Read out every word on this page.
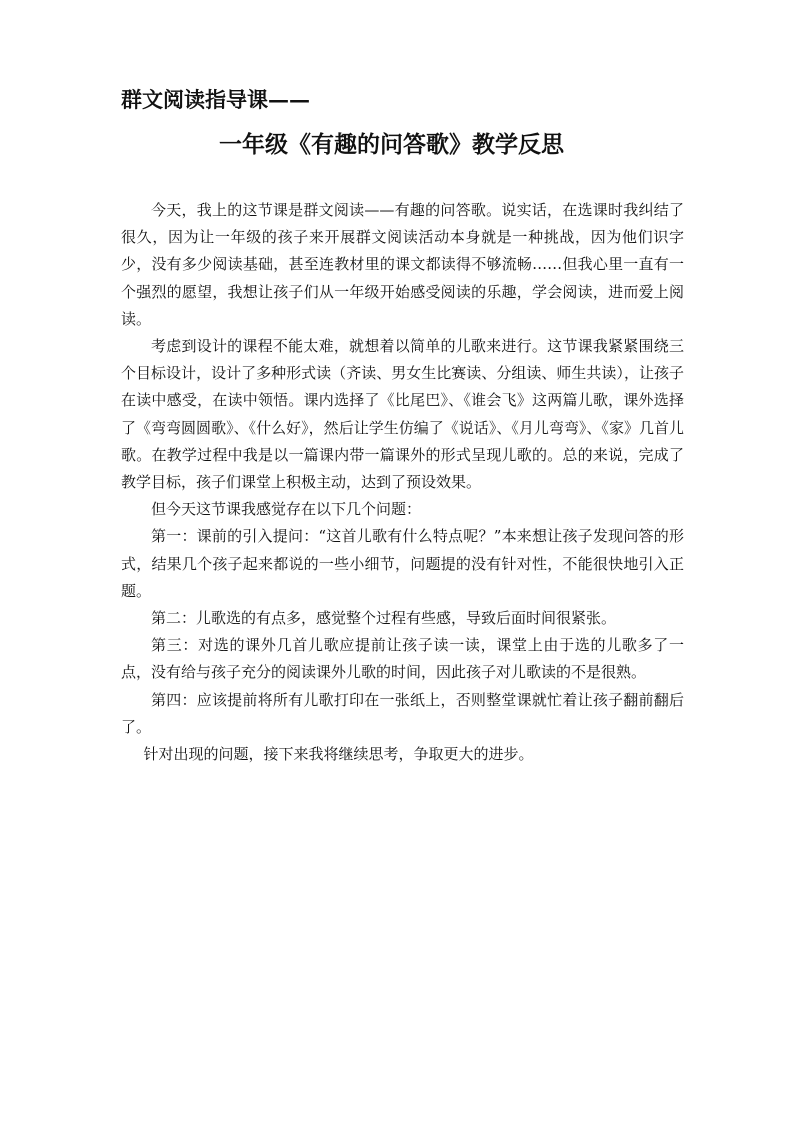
群文阅读指导课——
一年级《有趣的问答歌》教学反思

今天，我上的这节课是群文阅读——有趣的问答歌。说实话，在选课时我纠结了很久，因为让一年级的孩子来开展群文阅读活动本身就是一种挑战，因为他们识字少，没有多少阅读基础，甚至连教材里的课文都读得不够流畅……但我心里一直有一个强烈的愿望，我想让孩子们从一年级开始感受阅读的乐趣，学会阅读，进而爱上阅读。

考虑到设计的课程不能太难，就想着以简单的儿歌来进行。这节课我紧紧围绕三个目标设计，设计了多种形式读（齐读、男女生比赛读、分组读、师生共读），让孩子在读中感受，在读中领悟。课内选择了《比尾巴》、《谁会飞》这两篇儿歌，课外选择了《弯弯圆圆歌》、《什么好》，然后让学生仿编了《说话》、《月儿弯弯》、《家》几首儿歌。在教学过程中我是以一篇课内带一篇课外的形式呈现儿歌的。总的来说，完成了教学目标，孩子们课堂上积极主动，达到了预设效果。

但今天这节课我感觉存在以下几个问题：

第一：课前的引入提问：“这首儿歌有什么特点呢？”本来想让孩子发现问答的形式，结果几个孩子起来都说的一些小细节，问题提的没有针对性，不能很快地引入正题。

第二：儿歌选的有点多，感觉整个过程有些感，导致后面时间很紧张。

第三：对选的课外几首儿歌应提前让孩子读一读，课堂上由于选的儿歌多了一点，没有给与孩子充分的阅读课外儿歌的时间，因此孩子对儿歌读的不是很熟。

第四：应该提前将所有儿歌打印在一张纸上，否则整堂课就忙着让孩子翻前翻后了。

针对出现的问题，接下来我将继续思考，争取更大的进步。
